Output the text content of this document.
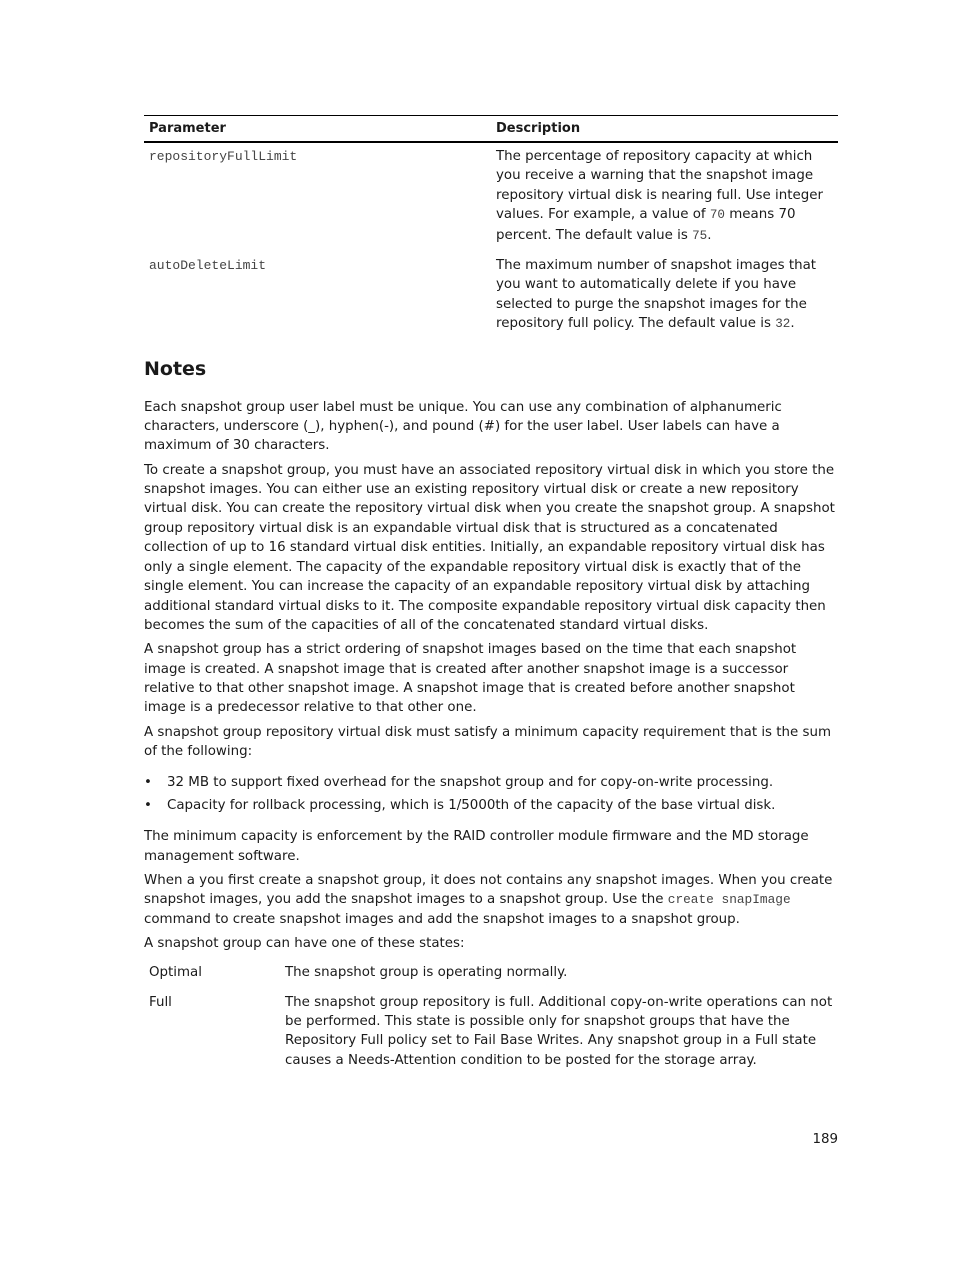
Parameter	Description
repositoryFullLimit	The percentage of repository capacity at which you receive a warning that the snapshot image repository virtual disk is nearing full. Use integer values. For example, a value of 70 means 70 percent. The default value is 75.
autoDeleteLimit	The maximum number of snapshot images that you want to automatically delete if you have selected to purge the snapshot images for the repository full policy. The default value is 32.
Notes

Each snapshot group user label must be unique. You can use any combination of alphanumeric characters, underscore (_), hyphen(-), and pound (#) for the user label. User labels can have a maximum of 30 characters.

To create a snapshot group, you must have an associated repository virtual disk in which you store the snapshot images. You can either use an existing repository virtual disk or create a new repository virtual disk. You can create the repository virtual disk when you create the snapshot group. A snapshot group repository virtual disk is an expandable virtual disk that is structured as a concatenated collection of up to 16 standard virtual disk entities. Initially, an expandable repository virtual disk has only a single element. The capacity of the expandable repository virtual disk is exactly that of the single element. You can increase the capacity of an expandable repository virtual disk by attaching additional standard virtual disks to it. The composite expandable repository virtual disk capacity then becomes the sum of the capacities of all of the concatenated standard virtual disks.

A snapshot group has a strict ordering of snapshot images based on the time that each snapshot image is created. A snapshot image that is created after another snapshot image is a successor relative to that other snapshot image. A snapshot image that is created before another snapshot image is a predecessor relative to that other one.

A snapshot group repository virtual disk must satisfy a minimum capacity requirement that is the sum of the following:

• 32 MB to support fixed overhead for the snapshot group and for copy-on-write processing.
• Capacity for rollback processing, which is 1/5000th of the capacity of the base virtual disk.

The minimum capacity is enforcement by the RAID controller module firmware and the MD storage management software.

When a you first create a snapshot group, it does not contains any snapshot images. When you create snapshot images, you add the snapshot images to a snapshot group. Use the create snapImage command to create snapshot images and add the snapshot images to a snapshot group.

A snapshot group can have one of these states:

Optimal	The snapshot group is operating normally.
Full	The snapshot group repository is full. Additional copy-on-write operations can not be performed. This state is possible only for snapshot groups that have the Repository Full policy set to Fail Base Writes. Any snapshot group in a Full state causes a Needs-Attention condition to be posted for the storage array.
189
